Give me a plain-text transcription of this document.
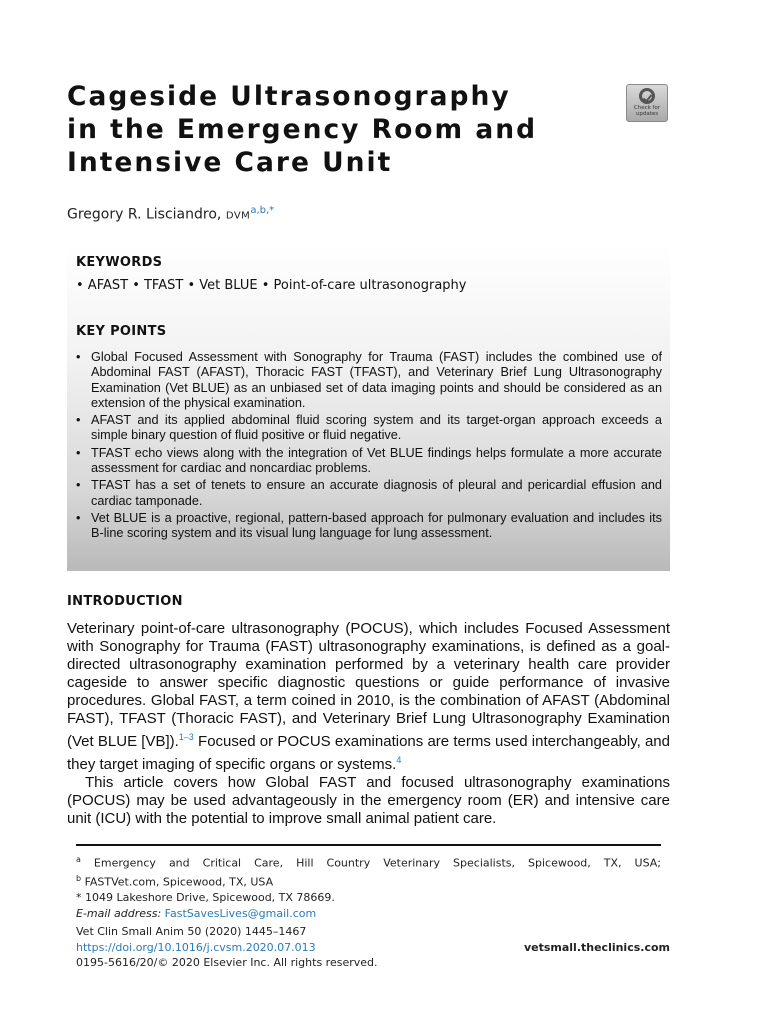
Cageside Ultrasonography
in the Emergency Room and
Intensive Care Unit
Check for
updates
Gregory R. Lisciandro, $DVM^{a,b,*}$
KEYWORDS
• AFAST • TFAST • Vet BLUE • Point-of-care ultrasonography
KEY POINTS
• Global Focused Assessment with Sonography for Trauma (FAST) includes the combined use of Abdominal FAST (AFAST), Thoracic FAST (TFAST), and Veterinary Brief Lung Ultrasonography Examination (Vet BLUE) as an unbiased set of data imaging points and should be considered as an extension of the physical examination.
• AFAST and its applied abdominal fluid scoring system and its target-organ approach exceeds a simple binary question of fluid positive or fluid negative.
• TFAST echo views along with the integration of Vet BLUE findings helps formulate a more accurate assessment for cardiac and noncardiac problems.
• TFAST has a set of tenets to ensure an accurate diagnosis of pleural and pericardial effusion and cardiac tamponade.
• Vet BLUE is a proactive, regional, pattern-based approach for pulmonary evaluation and includes its B-line scoring system and its visual lung language for lung assessment.
INTRODUCTION

Veterinary point-of-care ultrasonography (POCUS), which includes Focused Assessment with Sonography for Trauma (FAST) ultrasonography examinations, is defined as a goal-directed ultrasonography examination performed by a veterinary health care provider cageside to answer specific diagnostic questions or guide performance of invasive procedures. Global FAST, a term coined in 2010, is the combination of AFAST (Abdominal FAST), TFAST (Thoracic FAST), and Veterinary Brief Lung Ultrasonography Examination (Vet BLUE [VB]).$^{1-3}$ Focused or POCUS examinations are terms used interchangeably, and they target imaging of specific organs or systems.$^4$

This article covers how Global FAST and focused ultrasonography examinations (POCUS) may be used advantageously in the emergency room (ER) and intensive care unit (ICU) with the potential to improve small animal patient care.

$^a$ Emergency and Critical Care, Hill Country Veterinary Specialists, Spicewood, TX, USA;
$^b$ FASTVet.com, Spicewood, TX, USA
* 1049 Lakeshore Drive, Spicewood, TX 78669.
E-mail address: FastSavesLives@gmail.com
Vet Clin Small Anim 50 (2020) 1445–1467
https://doi.org/10.1016/j.cvsm.2020.07.013
0195-5616/20/© 2020 Elsevier Inc. All rights reserved.
vetsmall.theclinics.com
